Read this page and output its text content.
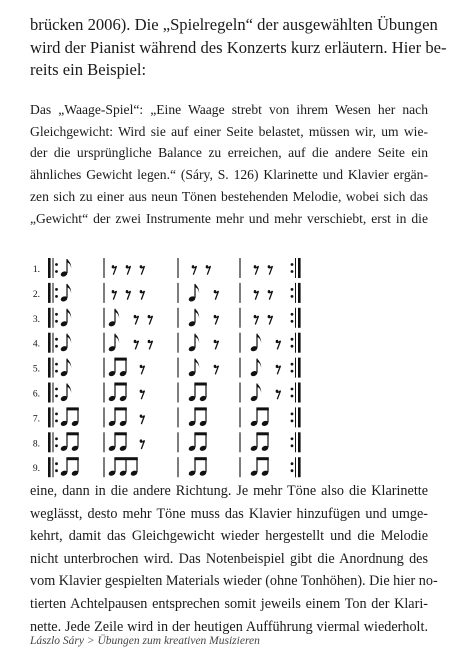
brücken 2006). Die „Spielregeln“ der ausgewählten Übungen
wird der Pianist während des Konzerts kurz erläutern. Hier be-
reits ein Beispiel:

Das „Waage-Spiel“: „Eine Waage strebt von ihrem Wesen her nach
Gleichgewicht: Wird sie auf einer Seite belastet, müssen wir, um wie-
der die ursprüngliche Balance zu erreichen, auf die andere Seite ein
ähnliches Gewicht legen.“ (Sáry, S. 126) Klarinette und Klavier ergän-
zen sich zu einer aus neun Tönen bestehenden Melodie, wobei sich das
„Gewicht“ der zwei Instrumente mehr und mehr verschiebt, erst in die

1.
2.
3.
4.
5.
6.
7.
8.
9.

eine, dann in die andere Richtung. Je mehr Töne also die Klarinette
weglässt, desto mehr Töne muss das Klavier hinzufügen und umge-
kehrt, damit das Gleichgewicht wieder hergestellt und die Melodie
nicht unterbrochen wird. Das Notenbeispiel gibt die Anordnung des
vom Klavier gespielten Materials wieder (ohne Tonhöhen). Die hier no-
tierten Achtelpausen entsprechen somit jeweils einem Ton der Klari-
nette. Jede Zeile wird in der heutigen Aufführung viermal wiederholt.

Lászlo Sáry > Übungen zum kreativen Musizieren
